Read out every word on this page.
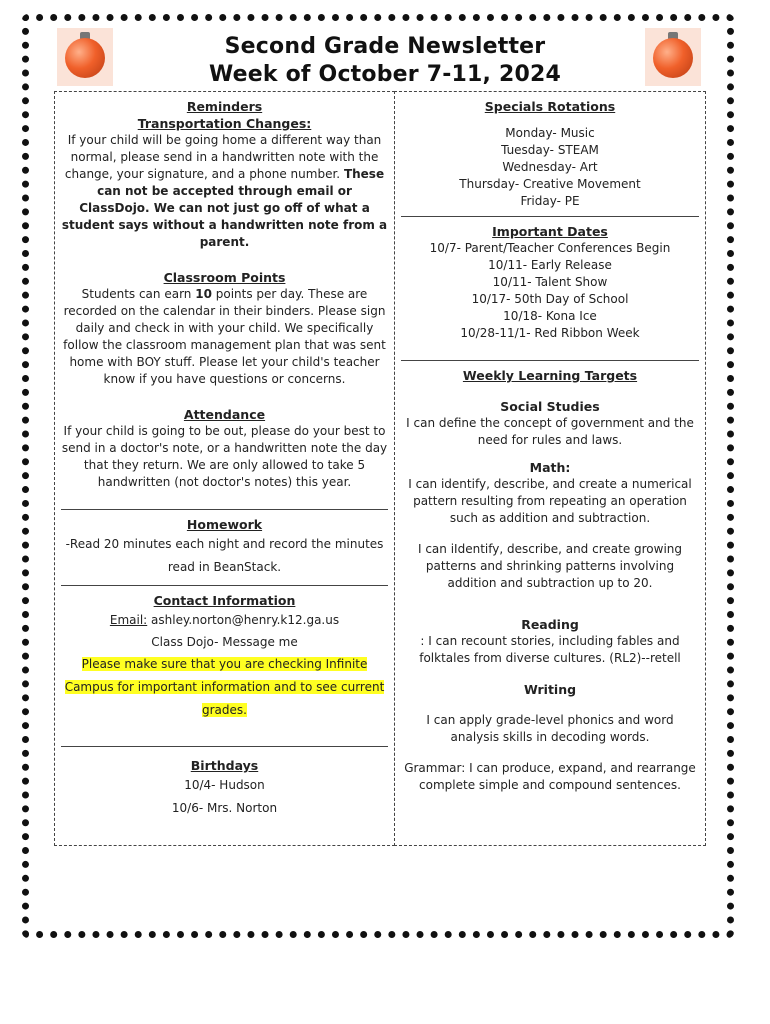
Second Grade Newsletter
Week of October 7-11, 2024
Reminders
Transportation Changes:
If your child will be going home a different way than normal, please send in a handwritten note with the change, your signature, and a phone number. These can not be accepted through email or ClassDojo. We can not just go off of what a student says without a handwritten note from a parent.
Classroom Points
Students can earn 10 points per day. These are recorded on the calendar in their binders. Please sign daily and check in with your child. We specifically follow the classroom management plan that was sent home with BOY stuff. Please let your child's teacher know if you have questions or concerns.
Attendance
If your child is going to be out, please do your best to send in a doctor's note, or a handwritten note the day that they return. We are only allowed to take 5 handwritten (not doctor's notes) this year.
Homework
-Read 20 minutes each night and record the minutes read in BeanStack.
Contact Information
Email: ashley.norton@henry.k12.ga.us
Class Dojo- Message me
Please make sure that you are checking Infinite Campus for important information and to see current grades.
Birthdays
10/4- Hudson
10/6- Mrs. Norton
Specials Rotations
Monday- Music
Tuesday- STEAM
Wednesday- Art
Thursday- Creative Movement
Friday- PE
Important Dates
10/7- Parent/Teacher Conferences Begin
10/11- Early Release
10/11- Talent Show
10/17- 50th Day of School
10/18- Kona Ice
10/28-11/1- Red Ribbon Week
Weekly Learning Targets
Social Studies
I can define the concept of government and the need for rules and laws.
Math:
I can identify, describe, and create a numerical pattern resulting from repeating an operation such as addition and subtraction.
I can iIdentify, describe, and create growing patterns and shrinking patterns involving addition and subtraction up to 20.
Reading
: I can recount stories, including fables and folktales from diverse cultures. (RL2)--retell
Writing
I can apply grade-level phonics and word analysis skills in decoding words.
Grammar: I can produce, expand, and rearrange complete simple and compound sentences.
